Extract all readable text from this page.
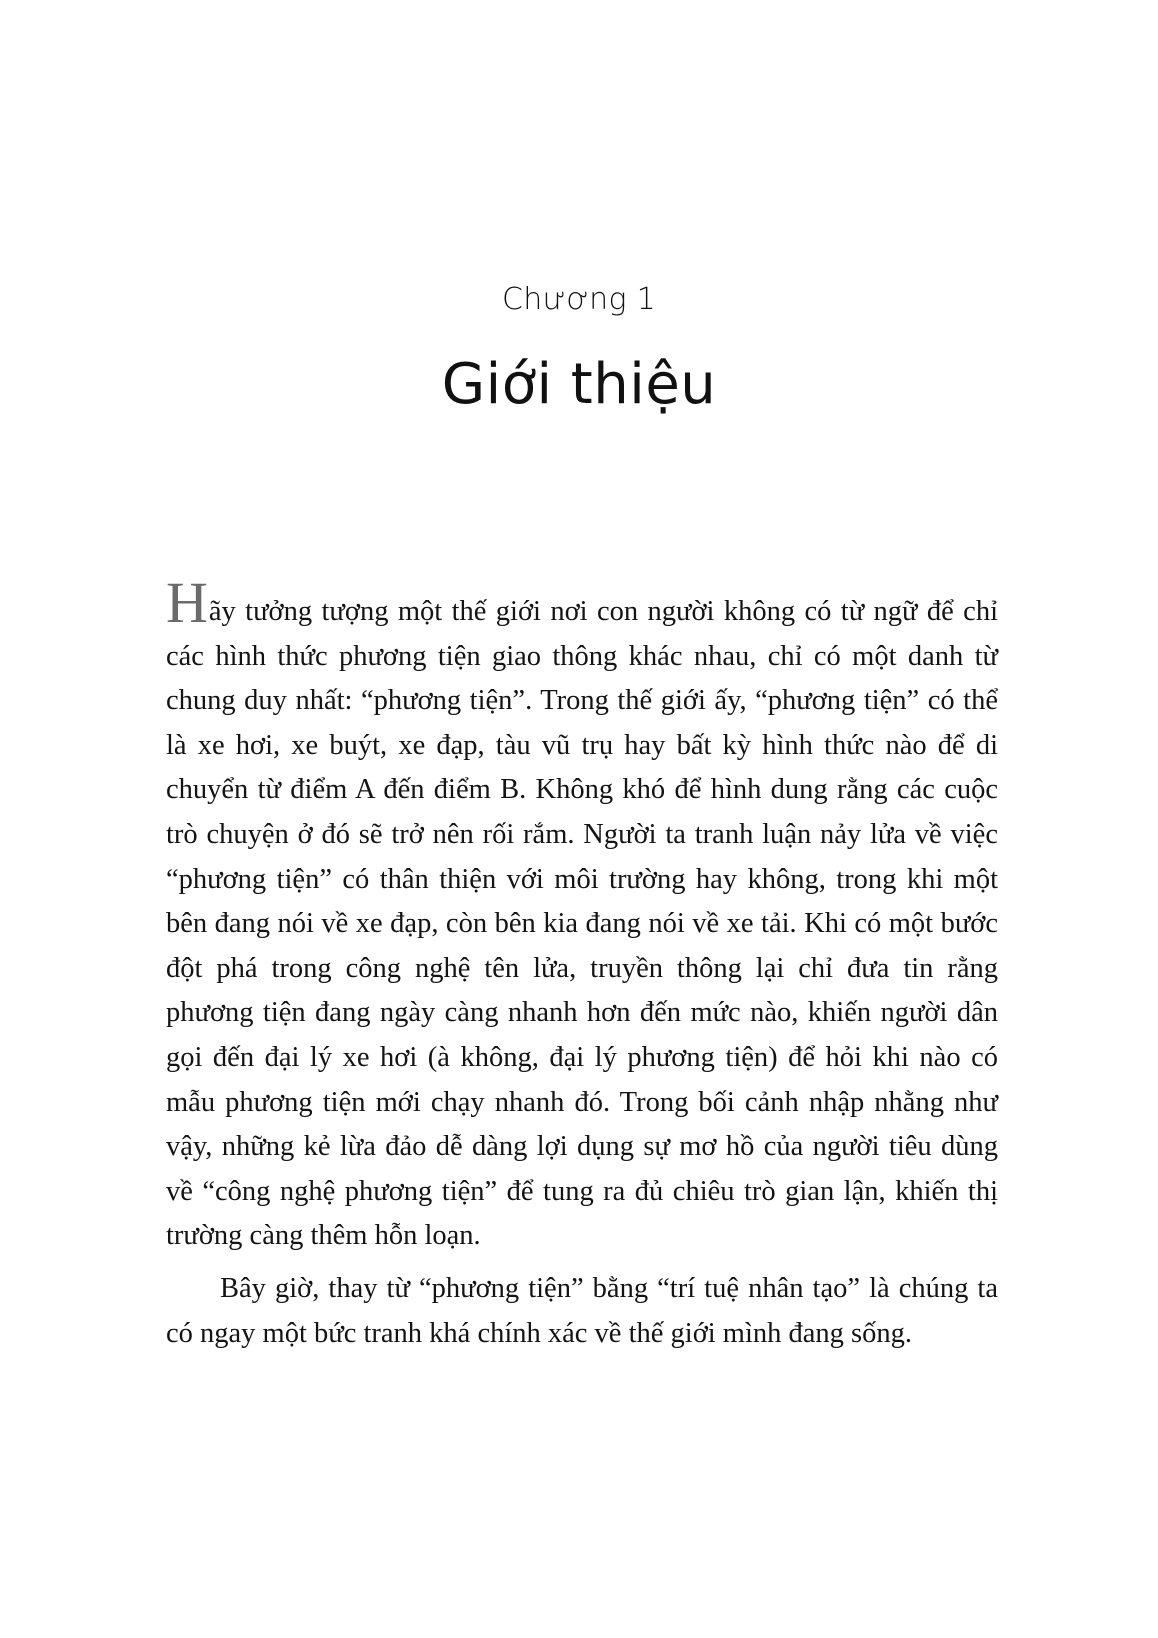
Chương 1
Giới thiệu

Hãy tưởng tượng một thế giới nơi con người không có từ ngữ để chỉ các hình thức phương tiện giao thông khác nhau, chỉ có một danh từ chung duy nhất: “phương tiện”. Trong thế giới ấy, “phương tiện” có thể là xe hơi, xe buýt, xe đạp, tàu vũ trụ hay bất kỳ hình thức nào để di chuyển từ điểm A đến điểm B. Không khó để hình dung rằng các cuộc trò chuyện ở đó sẽ trở nên rối rắm. Người ta tranh luận nảy lửa về việc “phương tiện” có thân thiện với môi trường hay không, trong khi một bên đang nói về xe đạp, còn bên kia đang nói về xe tải. Khi có một bước đột phá trong công nghệ tên lửa, truyền thông lại chỉ đưa tin rằng phương tiện đang ngày càng nhanh hơn đến mức nào, khiến người dân gọi đến đại lý xe hơi (à không, đại lý phương tiện) để hỏi khi nào có mẫu phương tiện mới chạy nhanh đó. Trong bối cảnh nhập nhằng như vậy, những kẻ lừa đảo dễ dàng lợi dụng sự mơ hồ của người tiêu dùng về “công nghệ phương tiện” để tung ra đủ chiêu trò gian lận, khiến thị trường càng thêm hỗn loạn.

Bây giờ, thay từ “phương tiện” bằng “trí tuệ nhân tạo” là chúng ta có ngay một bức tranh khá chính xác về thế giới mình đang sống.
